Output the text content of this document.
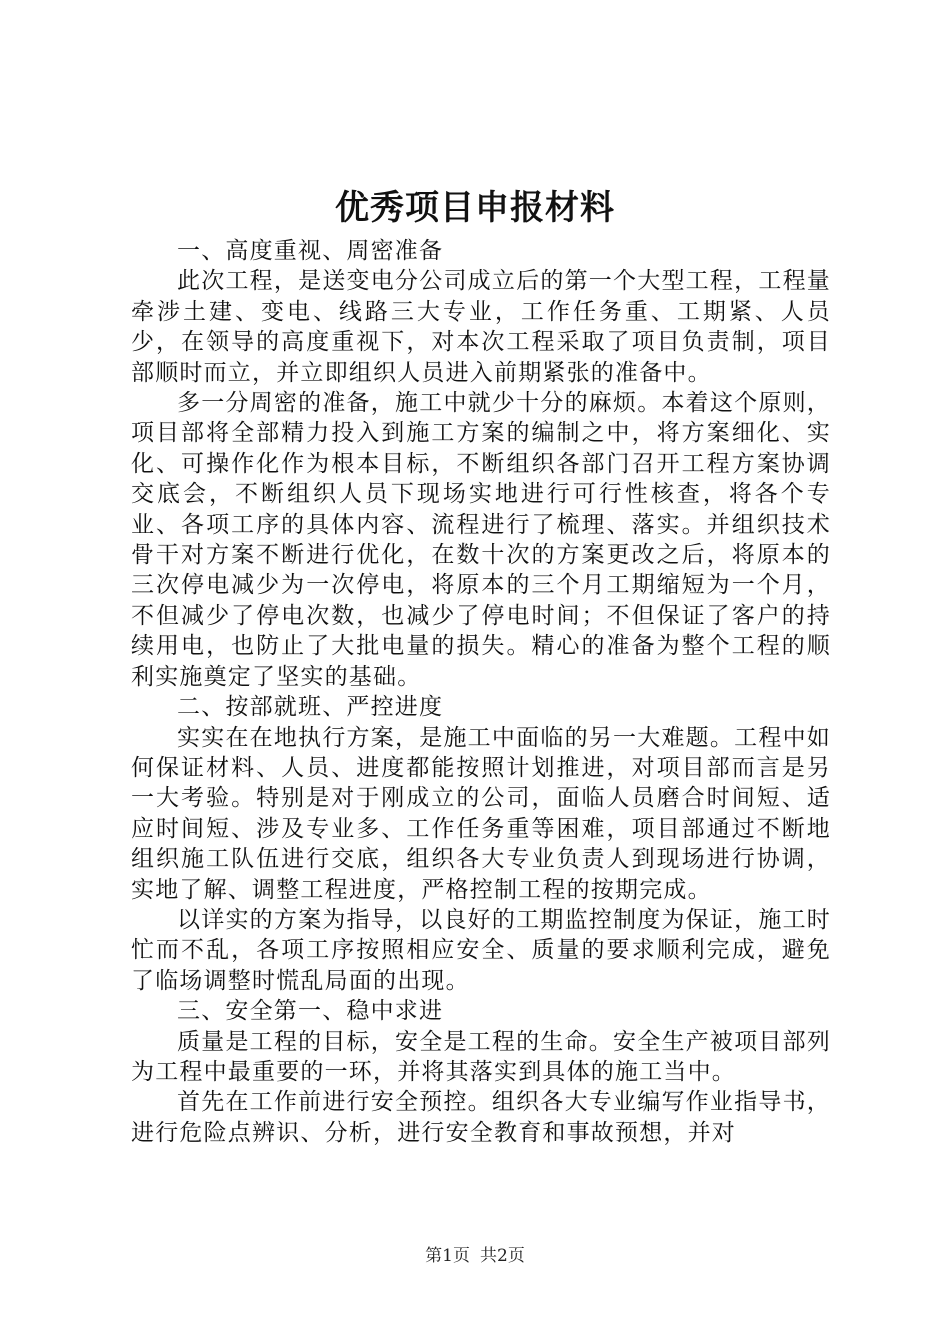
优秀项目申报材料

一、高度重视、周密准备

此次工程，是送变电分公司成立后的第一个大型工程，工程量牵涉土建、变电、线路三大专业，工作任务重、工期紧、人员少，在领导的高度重视下，对本次工程采取了项目负责制，项目部顺时而立，并立即组织人员进入前期紧张的准备中。

多一分周密的准备，施工中就少十分的麻烦。本着这个原则，项目部将全部精力投入到施工方案的编制之中，将方案细化、实化、可操作化作为根本目标，不断组织各部门召开工程方案协调交底会，不断组织人员下现场实地进行可行性核查，将各个专业、各项工序的具体内容、流程进行了梳理、落实。并组织技术骨干对方案不断进行优化，在数十次的方案更改之后，将原本的三次停电减少为一次停电，将原本的三个月工期缩短为一个月，不但减少了停电次数，也减少了停电时间；不但保证了客户的持续用电，也防止了大批电量的损失。精心的准备为整个工程的顺利实施奠定了坚实的基础。

二、按部就班、严控进度

实实在在地执行方案，是施工中面临的另一大难题。工程中如何保证材料、人员、进度都能按照计划推进，对项目部而言是另一大考验。特别是对于刚成立的公司，面临人员磨合时间短、适应时间短、涉及专业多、工作任务重等困难，项目部通过不断地组织施工队伍进行交底，组织各大专业负责人到现场进行协调，实地了解、调整工程进度，严格控制工程的按期完成。

以详实的方案为指导，以良好的工期监控制度为保证，施工时忙而不乱，各项工序按照相应安全、质量的要求顺利完成，避免了临场调整时慌乱局面的出现。

三、安全第一、稳中求进

质量是工程的目标，安全是工程的生命。安全生产被项目部列为工程中最重要的一环，并将其落实到具体的施工当中。

首先在工作前进行安全预控。组织各大专业编写作业指导书，进行危险点辨识、分析，进行安全教育和事故预想，并对

第1页 共2页
